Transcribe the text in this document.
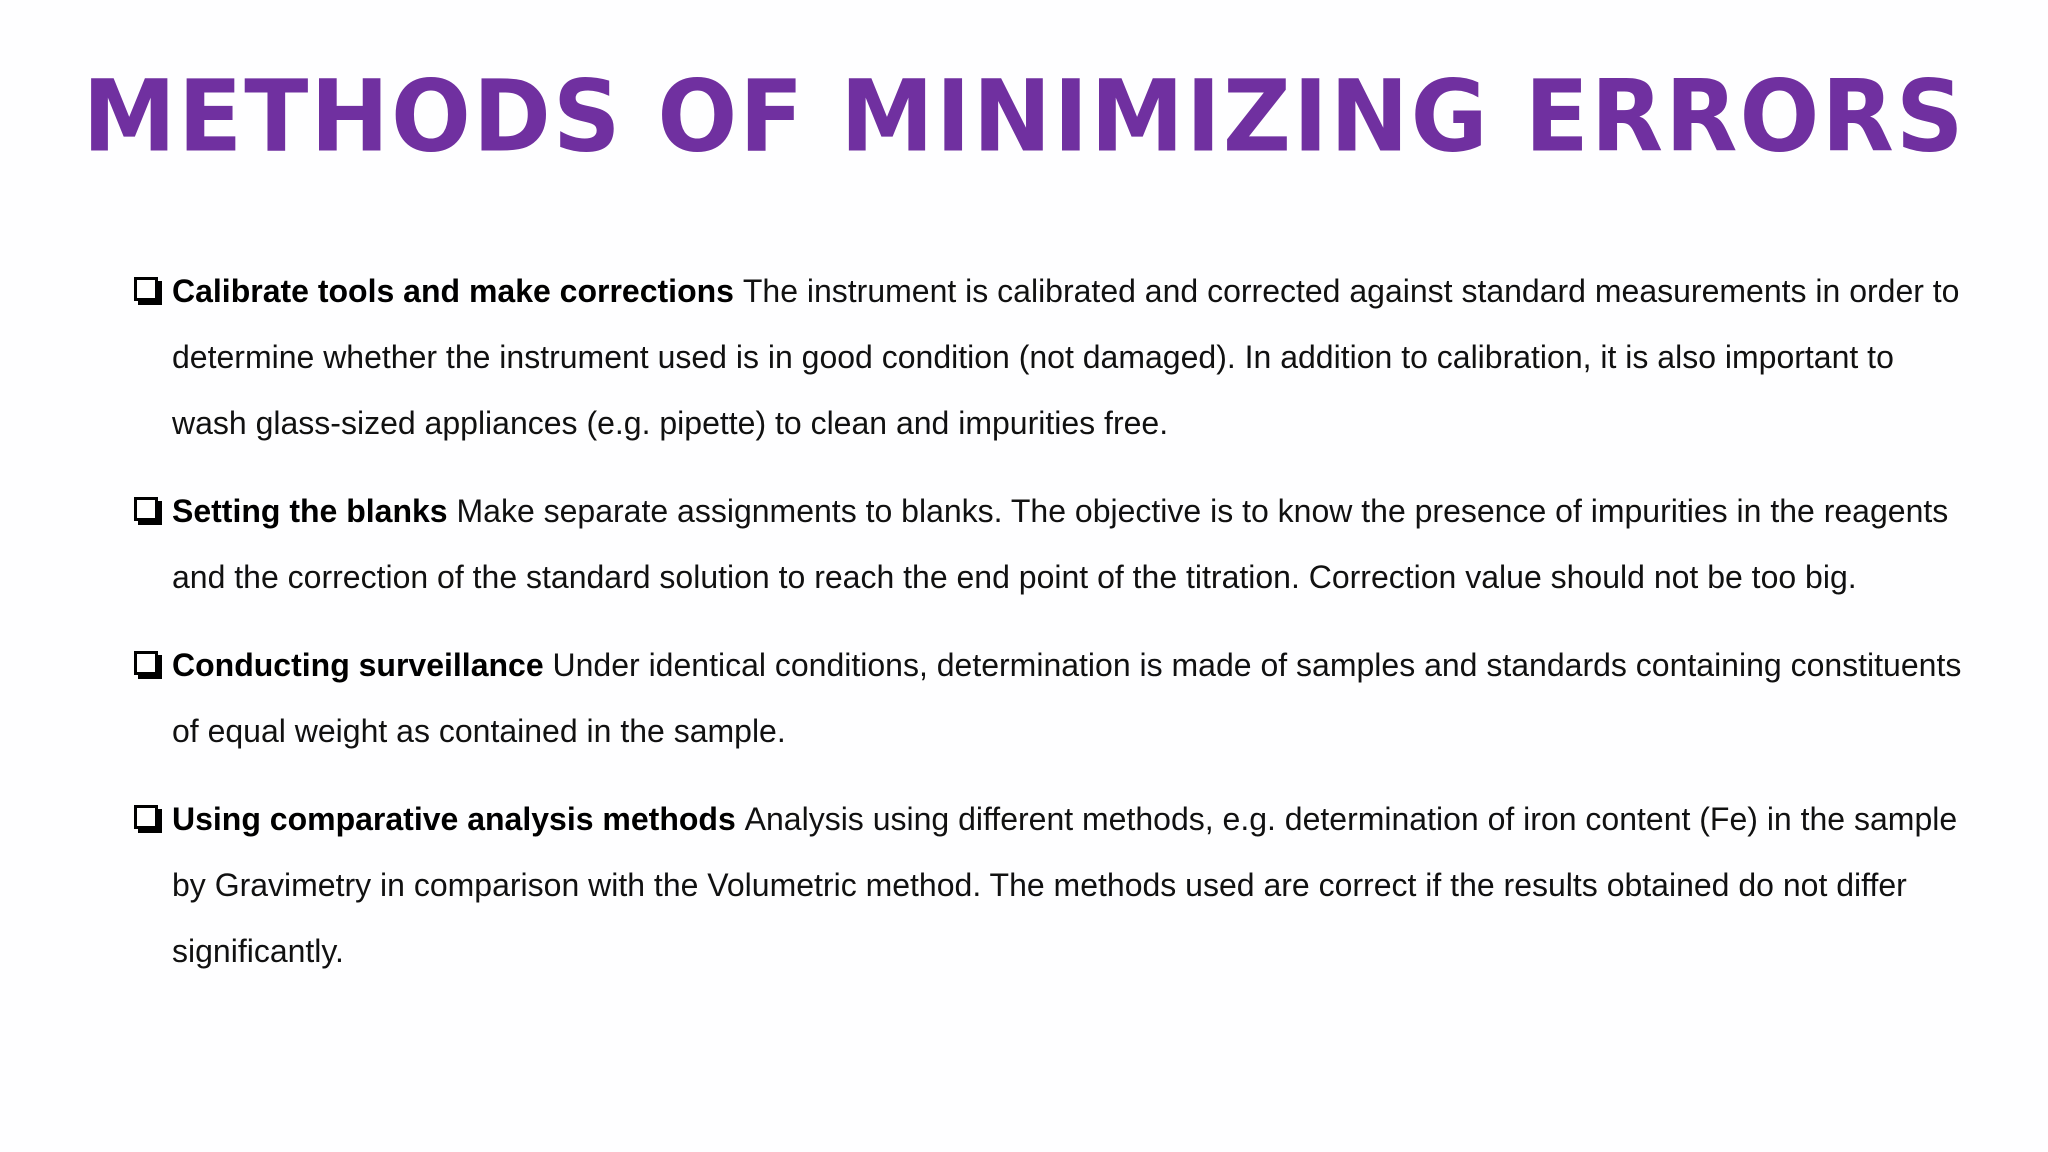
METHODS OF MINIMIZING ERRORS
Calibrate tools and make corrections The instrument is calibrated and corrected against standard measurements in order to determine whether the instrument used is in good condition (not damaged). In addition to calibration, it is also important to wash glass-sized appliances (e.g. pipette) to clean and impurities free.
Setting the blanks Make separate assignments to blanks. The objective is to know the presence of impurities in the reagents and the correction of the standard solution to reach the end point of the titration. Correction value should not be too big.
Conducting surveillance Under identical conditions, determination is made of samples and standards containing constituents of equal weight as contained in the sample.
Using comparative analysis methods Analysis using different methods, e.g. determination of iron content (Fe) in the sample by Gravimetry in comparison with the Volumetric method. The methods used are correct if the results obtained do not differ significantly.
